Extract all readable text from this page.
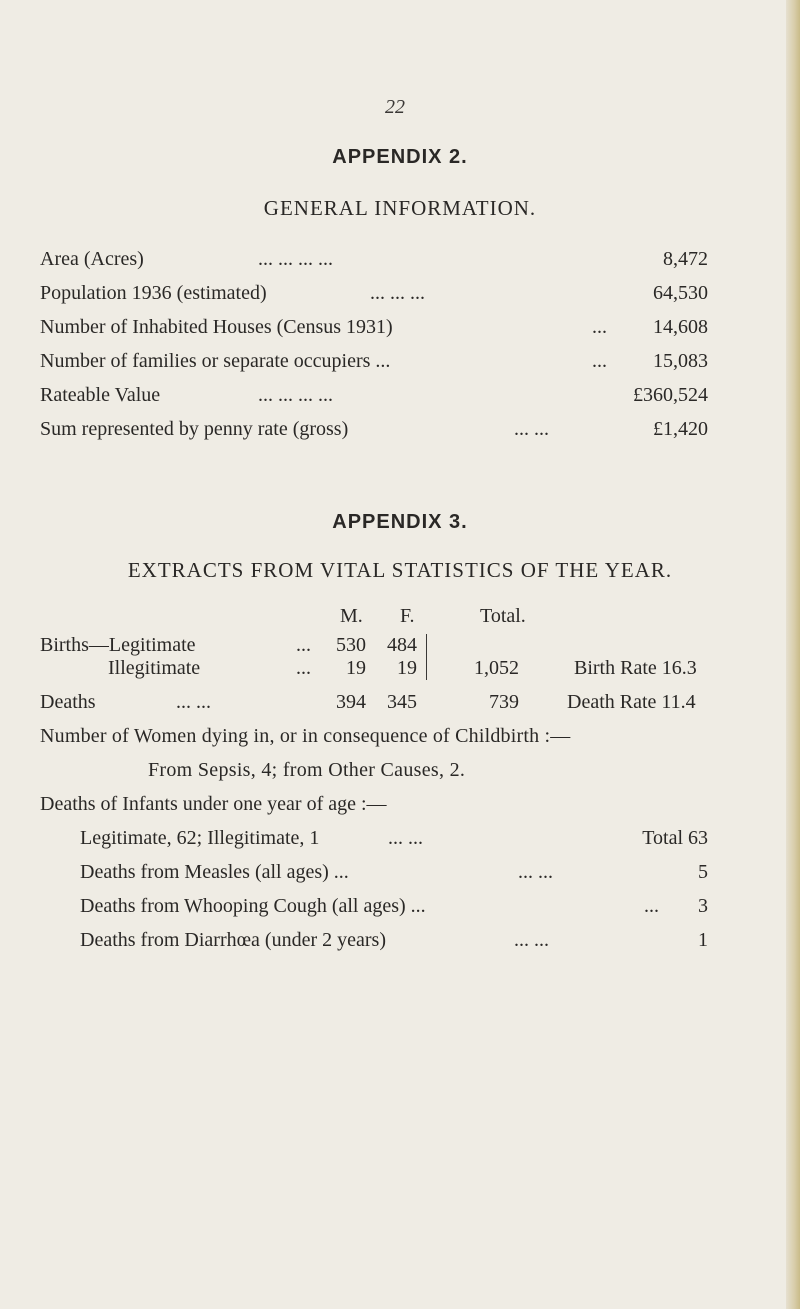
22
APPENDIX 2.
GENERAL INFORMATION.
Area (Acres)	... ... ... ...	8,472
Population 1936 (estimated)	... ... ...	64,530
Number of Inhabited Houses (Census 1931)	... 14,608
Number of families or separate occupiers ...	... 15,083
Rateable Value	... ... ... ...	£360,524
Sum represented by penny rate (gross)	... ...	£1,420
APPENDIX 3.
EXTRACTS FROM VITAL STATISTICS OF THE YEAR.
M. F.	Total.
Births—Legitimate	...	530	484
Illegitimate	...	19	19	1,052	Birth Rate 16.3
Deaths	... ...	394	345	739 Death Rate 11.4
Number of Women dying in, or in consequence of Childbirth :—
From Sepsis, 4; from Other Causes, 2.
Deaths of Infants under one year of age :—
Legitimate, 62; Illegitimate, 1	... ...	Total 63
Deaths from Measles (all ages) ...	... ...	5
Deaths from Whooping Cough (all ages) ...	... 3
Deaths from Diarrhœa (under 2 years)	... ...	1
